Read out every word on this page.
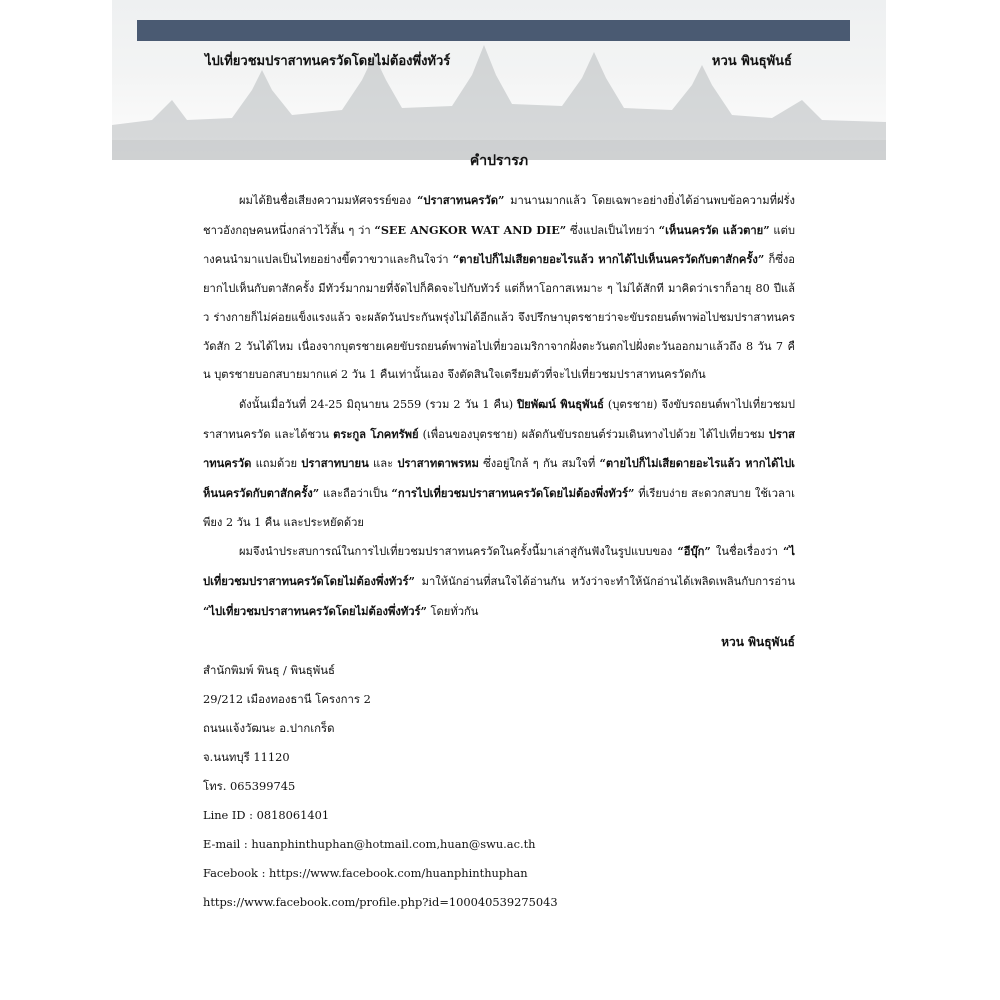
ไปเที่ยวชมปราสาทนครวัดโดยไม่ต้องพึ่งทัวร์	หวน พินธุพันธ์
คำปรารภ

ผมได้ยินชื่อเสียงความมหัศจรรย์ของ “ปราสาทนครวัด” มานานมากแล้ว โดยเฉพาะอย่างยิ่งได้อ่านพบข้อความที่ฝรั่งชาวอังกฤษคนหนึ่งกล่าวไว้สั้น ๆ ว่า “SEE ANGKOR WAT AND DIE” ซึ่งแปลเป็นไทยว่า “เห็นนครวัด แล้วตาย” แต่บางคนนำมาแปลเป็นไทยอย่างขี้ตวาขวาและกินใจว่า “ตายไปก็ไม่เสียดายอะไรแล้ว หากได้ไปเห็นนครวัดกับตาสักครั้ง” ก็ซึ่งอยากไปเห็นกับตาสักครั้ง มีทัวร์มากมายที่จัดไปก็คิดจะไปกับทัวร์ แต่ก็หาโอกาสเหมาะ ๆ ไม่ได้สักที มาคิดว่าเราก็อายุ 80 ปีแล้ว ร่างกายก็ไม่ค่อยแข็งแรงแล้ว จะผลัดวันประกันพรุ่งไม่ได้อีกแล้ว จึงปรึกษาบุตรชายว่าจะขับรถยนต์พาพ่อไปชมปราสาทนครวัดสัก 2 วันได้ไหม เนื่องจากบุตรชายเคยขับรถยนต์พาพ่อไปเที่ยวอเมริกาจากฝั่งตะวันตกไปฝั่งตะวันออกมาแล้วถึง 8 วัน 7 คืน บุตรชายบอกสบายมากแค่ 2 วัน 1 คืนเท่านั้นเอง จึงตัดสินใจเตรียมตัวที่จะไปเที่ยวชมปราสาทนครวัดกัน

ดังนั้นเมื่อวันที่ 24-25 มิถุนายน 2559 (รวม 2 วัน 1 คืน) ปิยพัฒน์ พินธุพันธ์ (บุตรชาย) จึงขับรถยนต์พาไปเที่ยวชมปราสาทนครวัด และได้ชวน ตระกูล โภคทรัพย์ (เพื่อนของบุตรชาย) ผลัดกันขับรถยนต์ร่วมเดินทางไปด้วย ได้ไปเที่ยวชม ปราสาทนครวัด แถมด้วย ปราสาทบายน และ ปราสาทตาพรหม ซึ่งอยู่ใกล้ ๆ กัน สมใจที่ “ตายไปก็ไม่เสียดายอะไรแล้ว หากได้ไปเห็นนครวัดกับตาสักครั้ง” และถือว่าเป็น “การไปเที่ยวชมปราสาทนครวัดโดยไม่ต้องพึ่งทัวร์” ที่เรียบง่าย สะดวกสบาย ใช้เวลาเพียง 2 วัน 1 คืน และประหยัดด้วย

ผมจึงนำประสบการณ์ในการไปเที่ยวชมปราสาทนครวัดในครั้งนี้มาเล่าสู่กันฟังในรูปแบบของ “อีบุ๊ก” ในชื่อเรื่องว่า “ไปเที่ยวชมปราสาทนครวัดโดยไม่ต้องพึ่งทัวร์” มาให้นักอ่านที่สนใจได้อ่านกัน หวังว่าจะทำให้นักอ่านได้เพลิดเพลินกับการอ่าน “ไปเที่ยวชมปราสาทนครวัดโดยไม่ต้องพึ่งทัวร์” โดยทั่วกัน

หวน พินธุพันธ์
สำนักพิมพ์ พินธุ / พินธุพันธ์
29/212 เมืองทองธานี โครงการ 2
ถนนแจ้งวัฒนะ อ.ปากเกร็ด
จ.นนทบุรี 11120
โทร. 065399745
Line ID : 0818061401
E-mail : huanphinthuphan@hotmail.com,huan@swu.ac.th
Facebook : https://www.facebook.com/huanphinthuphan
https://www.facebook.com/profile.php?id=100040539275043
